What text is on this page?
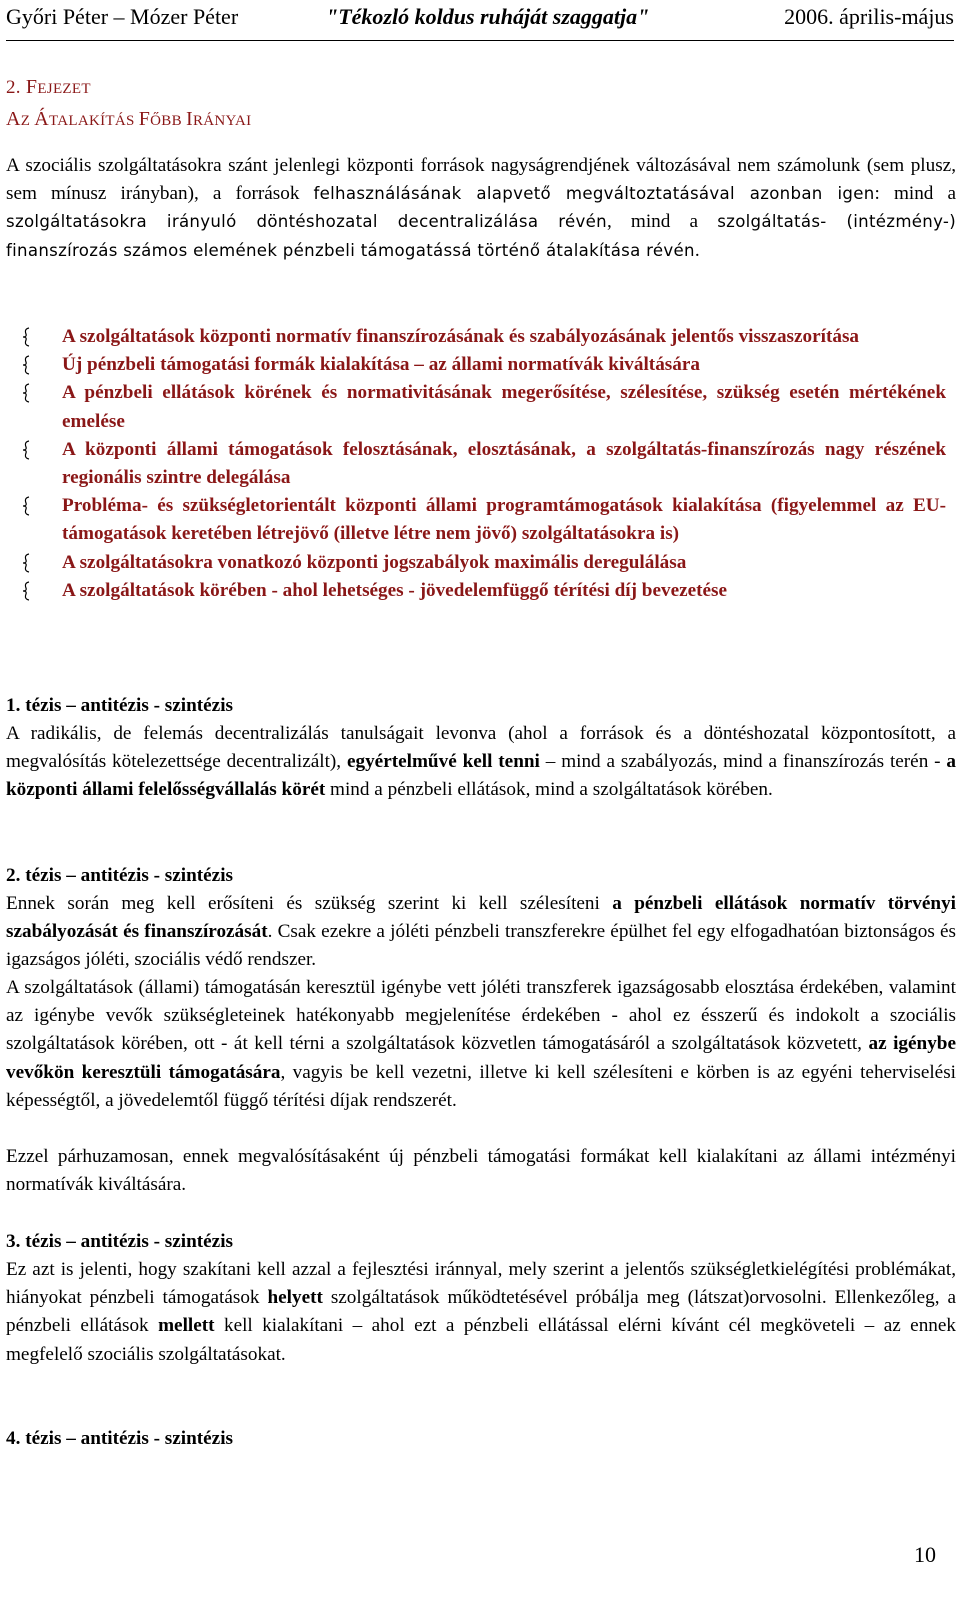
Győri Péter – Mózer Péter	"Tékozló koldus ruháját szaggatja"	2006. április-május
2. FEJEZET
AZ ÁTALAKÍTÁS FŐBB IRÁNYAI

A szociális szolgáltatásokra szánt jelenlegi központi források nagyságrendjének változásával nem számolunk (sem plusz, sem mínusz irányban), a források felhasználásának alapvető megváltoztatásával azonban igen: mind a szolgáltatásokra irányuló döntéshozatal decentralizálása révén, mind a szolgáltatás- (intézmény-) finanszírozás számos elemének pénzbeli támogatássá történő átalakítása révén.

A szolgáltatások központi normatív finanszírozásának és szabályozásának jelentős visszaszorítása
Új pénzbeli támogatási formák kialakítása – az állami normatívák kiváltására
A pénzbeli ellátások körének és normativitásának megerősítése, szélesítése, szükség esetén mértékének emelése
A központi állami támogatások felosztásának, elosztásának, a szolgáltatás-finanszírozás nagy részének regionális szintre delegálása
Probléma- és szükségletorientált központi állami programtámogatások kialakítása (figyelemmel az EU-támogatások keretében létrejövő (illetve létre nem jövő) szolgáltatásokra is)
A szolgáltatásokra vonatkozó központi jogszabályok maximális deregulálása
A szolgáltatások körében - ahol lehetséges - jövedelemfüggő térítési díj bevezetése
1. tézis – antitézis - szintézis

A radikális, de felemás decentralizálás tanulságait levonva (ahol a források és a döntéshozatal központosított, a megvalósítás kötelezettsége decentralizált), egyértelművé kell tenni – mind a szabályozás, mind a finanszírozás terén - a központi állami felelősségvállalás körét mind a pénzbeli ellátások, mind a szolgáltatások körében.

2. tézis – antitézis - szintézis

Ennek során meg kell erősíteni és szükség szerint ki kell szélesíteni a pénzbeli ellátások normatív törvényi szabályozását és finanszírozását. Csak ezekre a jóléti pénzbeli transzferekre épülhet fel egy elfogadhatóan biztonságos és igazságos jóléti, szociális védő rendszer.

A szolgáltatások (állami) támogatásán keresztül igénybe vett jóléti transzferek igazságosabb elosztása érdekében, valamint az igénybe vevők szükségleteinek hatékonyabb megjelenítése érdekében - ahol ez ésszerű és indokolt a szociális szolgáltatások körében, ott - át kell térni a szolgáltatások közvetlen támogatásáról a szolgáltatások közvetett, az igénybe vevőkön keresztüli támogatására, vagyis be kell vezetni, illetve ki kell szélesíteni e körben is az egyéni teherviselési képességtől, a jövedelemtől függő térítési díjak rendszerét.

Ezzel párhuzamosan, ennek megvalósításaként új pénzbeli támogatási formákat kell kialakítani az állami intézményi normatívák kiváltására.

3. tézis – antitézis - szintézis

Ez azt is jelenti, hogy szakítani kell azzal a fejlesztési iránnyal, mely szerint a jelentős szükségletkielégítési problémákat, hiányokat pénzbeli támogatások helyett szolgáltatások működtetésével próbálja meg (látszat)orvosolni. Ellenkezőleg, a pénzbeli ellátások mellett kell kialakítani – ahol ezt a pénzbeli ellátással elérni kívánt cél megköveteli – az ennek megfelelő szociális szolgáltatásokat.

4. tézis – antitézis - szintézis
10
